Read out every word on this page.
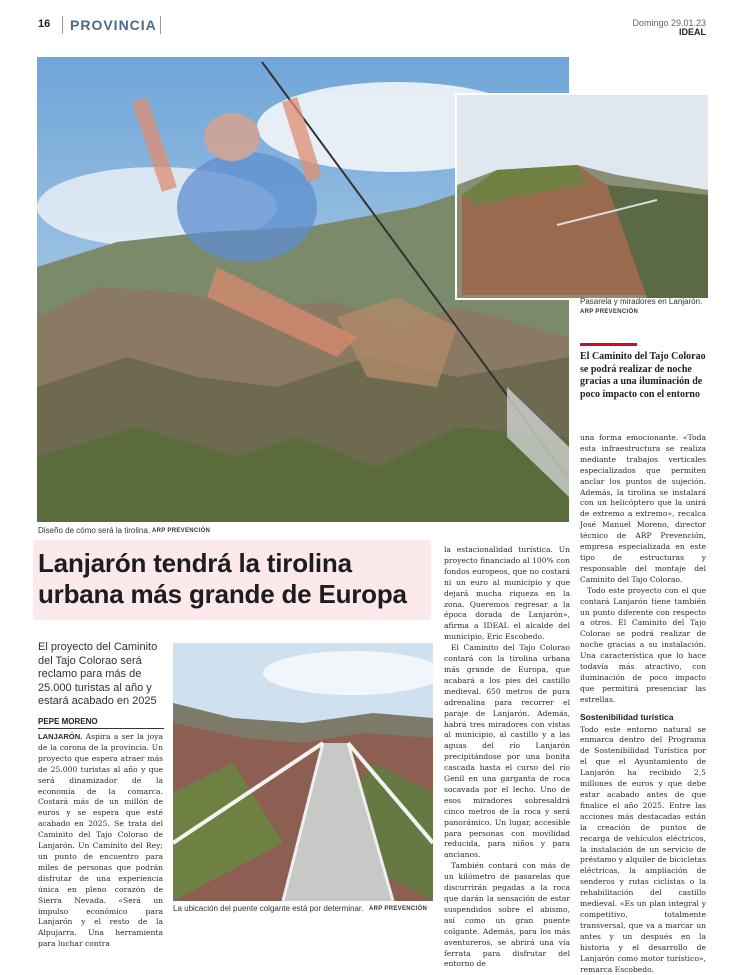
16 PROVINCIA	Domingo 29.01.23
IDEAL
Pasarela y miradores en Lanjarón.
ARP PREVENCIÓN
Diseño de cómo será la tirolina. ARP PREVENCIÓN
El Caminito del Tajo Colorao se podrá realizar de noche gracias a una iluminación de poco impacto con el entorno
Lanjarón tendrá la tirolina urbana más grande de Europa
El proyecto del Caminito del Tajo Colorao será reclamo para más de 25.000 turistas al año y estará acabado en 2025
PEPE MORENO

LANJARÓN. Aspira a ser la joya de la corona de la provincia. Un proyecto que espera atraer más de 25.000 turistas al año y que será dinamizador de la economía de la comarca. Costará más de un millón de euros y se espera que esté acabado en 2025. Se trata del Caminito del Tajo Colorao de Lanjarón. Un Caminito del Rey; un punto de encuentro para miles de personas que podrán disfrutar de una experiencia única en pleno corazón de Sierra Nevada. «Será un impulso económico para Lanjarón y el resto de la Alpujarra. Una herramienta para luchar contra

La ubicación del puente colgante está por determinar. ARP PREVENCIÓN

la estacionalidad turística. Un proyecto financiado al 100% con fondos europeos, que no costará ni un euro al municipio y que dejará mucha riqueza en la zona. Queremos regresar a la época dorada de Lanjarón», afirma a IDEAL el alcalde del municipio, Eric Escobedo.

El Caminito del Tajo Colorao contará con la tirolina urbana más grande de Europa, que acabará a los pies del castillo medieval. 650 metros de pura adrenalina para recorrer el paraje de Lanjarón. Además, habrá tres miradores con vistas al municipio, al castillo y a las aguas del río Lanjarón precipitándose por una bonita cascada hasta el curso del río Genil en una garganta de roca socavada por el lecho. Uno de esos miradores sobresaldrá cinco metros de la roca y será panorámico. Un lugar, accesible para personas con movilidad reducida, para niños y para ancianos.

También contará con más de un kilómetro de pasarelas que discurrirán pegadas a la roca que darán la sensación de estar suspendidos sobre el abismo, así como un gran puente colgante. Además, para los más aventureros, se abrirá una vía ferrata para disfrutar del entorno de

una forma emocionante. «Toda esta infraestructura se realiza mediante trabajos verticales especializados que permiten anclar los puntos de sujeción. Además, la tirolina se instalará con un helicóptero que la unirá de extremo a extremo», recalca José Manuel Moreno, director técnico de ARP Prevención, empresa especializada en este tipo de estructuras y responsable del montaje del Caminito del Tajo Colorao.

Todo este proyecto con el que contará Lanjarón tiene también un punto diferente con respecto a otros. El Caminito del Tajo Colorao se podrá realizar de noche gracias a su instalación. Una característica que lo hace todavía más atractivo, con iluminación de poco impacto que permitirá presenciar las estrellas.

Sostenibilidad turística

Todo este entorno natural se enmarca dentro del Programa de Sostenibilidad Turística por el que el Ayuntamiento de Lanjarón ha recibido 2,5 millones de euros y que debe estar acabado antes de que finalice el año 2025. Entre las acciones más destacadas están la creación de puntos de recarga de vehículos eléctricos, la instalación de un servicio de préstamo y alquiler de bicicletas eléctricas, la ampliación de senderos y rutas ciclistas o la rehabilitación del castillo medieval. «Es un plan integral y competitivo, totalmente transversal, que va a marcar un antes y un después en la historia y el desarrollo de Lanjarón como motor turístico», remarca Escobedo.
